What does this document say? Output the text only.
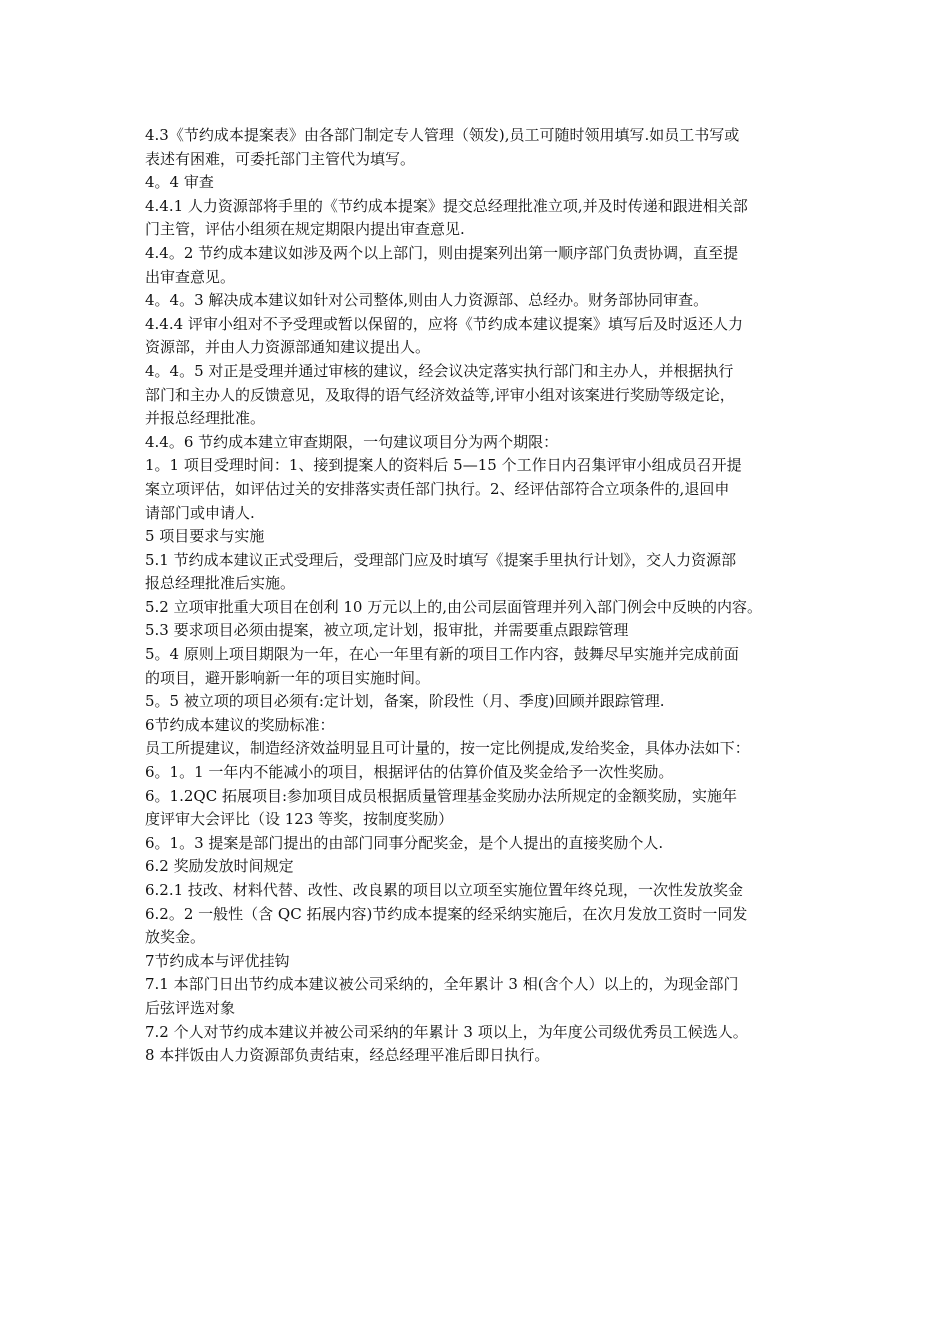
4.3《节约成本提案表》由各部门制定专人管理（领发),员工可随时领用填写.如员工书写或
表述有困难，可委托部门主管代为填写。
4。4 审查
4.4.1 人力资源部将手里的《节约成本提案》提交总经理批准立项,并及时传递和跟进相关部
门主管，评估小组须在规定期限内提出审查意见.
4.4。2 节约成本建议如涉及两个以上部门，则由提案列出第一顺序部门负责协调，直至提
出审查意见。
4。4。3 解决成本建议如针对公司整体,则由人力资源部、总经办。财务部协同审查。
4.4.4 评审小组对不予受理或暂以保留的，应将《节约成本建议提案》填写后及时返还人力
资源部，并由人力资源部通知建议提出人。
4。4。5 对正是受理并通过审核的建议，经会议决定落实执行部门和主办人，并根据执行
部门和主办人的反馈意见，及取得的语气经济效益等,评审小组对该案进行奖励等级定论，
并报总经理批准。
4.4。6 节约成本建立审查期限，一句建议项目分为两个期限：
1。1 项目受理时间：1、接到提案人的资料后 5—15 个工作日内召集评审小组成员召开提
案立项评估，如评估过关的安排落实责任部门执行。2、经评估部符合立项条件的,退回申
请部门或申请人.
5 项目要求与实施
5.1 节约成本建议正式受理后，受理部门应及时填写《提案手里执行计划》，交人力资源部
报总经理批准后实施。
5.2 立项审批重大项目在创利 10 万元以上的,由公司层面管理并列入部门例会中反映的内容。
5.3 要求项目必须由提案，被立项,定计划，报审批，并需要重点跟踪管理
5。4 原则上项目期限为一年，在心一年里有新的项目工作内容，鼓舞尽早实施并完成前面
的项目，避开影响新一年的项目实施时间。
5。5 被立项的项目必须有:定计划，备案，阶段性（月、季度)回顾并跟踪管理.
6节约成本建议的奖励标准：
员工所提建议，制造经济效益明显且可计量的，按一定比例提成,发给奖金，具体办法如下：
6。1。1 一年内不能减小的项目，根据评估的估算价值及奖金给予一次性奖励。
6。1.2QC 拓展项目:参加项目成员根据质量管理基金奖励办法所规定的金额奖励，实施年
度评审大会评比（设 123 等奖，按制度奖励）
6。1。3 提案是部门提出的由部门同事分配奖金，是个人提出的直接奖励个人.
6.2 奖励发放时间规定
6.2.1 技改、材料代替、改性、改良累的项目以立项至实施位置年终兑现，一次性发放奖金
6.2。2 一般性（含 QC 拓展内容)节约成本提案的经采纳实施后，在次月发放工资时一同发
放奖金。
7节约成本与评优挂钩
7.1 本部门日出节约成本建议被公司采纳的，全年累计 3 相(含个人）以上的，为现金部门
后弦评选对象
7.2 个人对节约成本建议并被公司采纳的年累计 3 项以上，为年度公司级优秀员工候选人。
8 本拌饭由人力资源部负责结束，经总经理平准后即日执行。
